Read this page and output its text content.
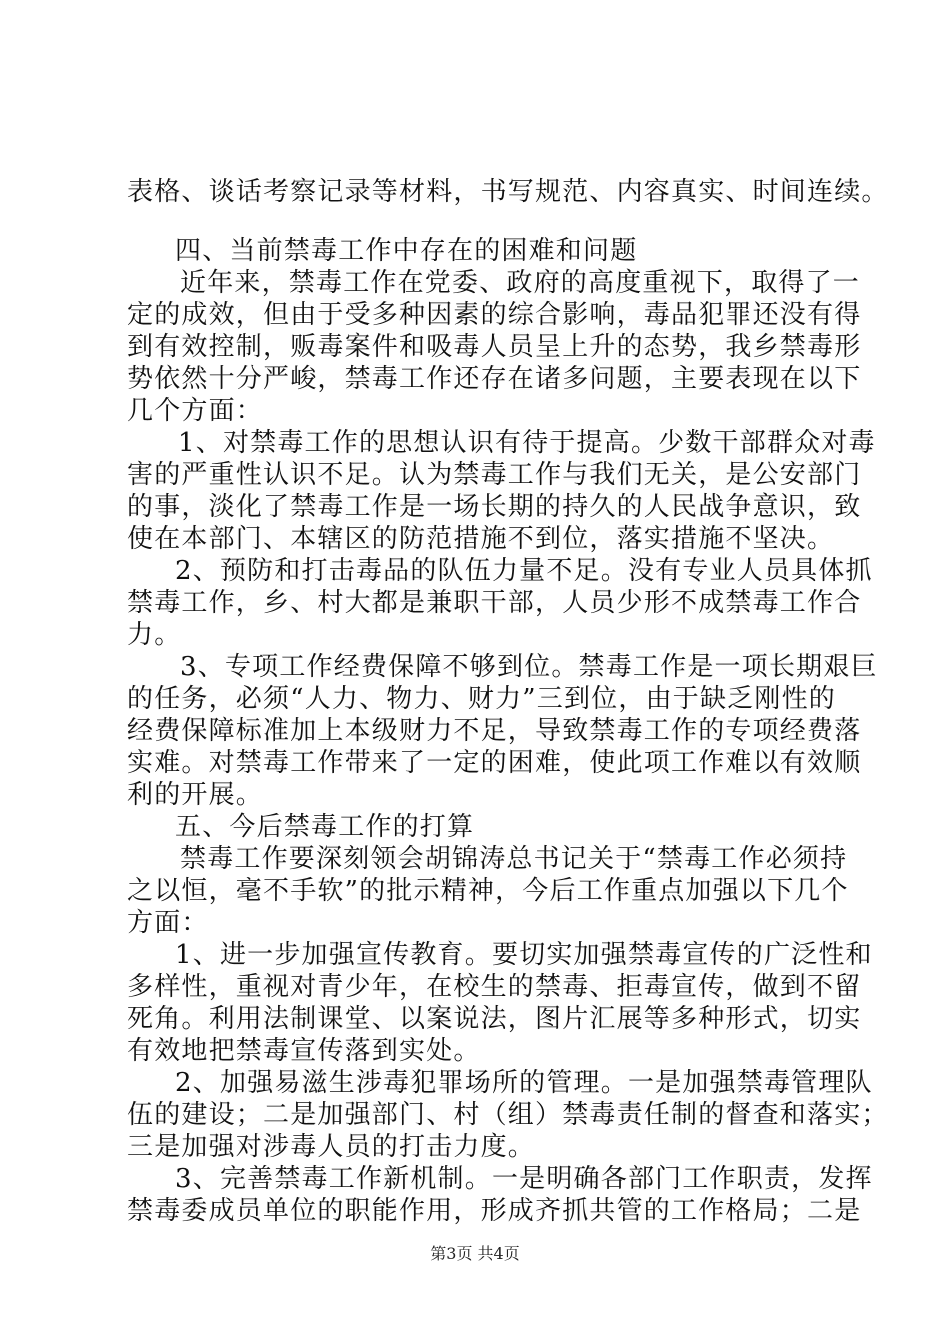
表格、谈话考察记录等材料，书写规范、内容真实、时间连续。
四、当前禁毒工作中存在的困难和问题
近年来，禁毒工作在党委、政府的高度重视下，取得了一
定的成效，但由于受多种因素的综合影响，毒品犯罪还没有得
到有效控制，贩毒案件和吸毒人员呈上升的态势，我乡禁毒形
势依然十分严峻，禁毒工作还存在诸多问题，主要表现在以下
几个方面：
1、对禁毒工作的思想认识有待于提高。少数干部群众对毒
害的严重性认识不足。认为禁毒工作与我们无关，是公安部门
的事，淡化了禁毒工作是一场长期的持久的人民战争意识，致
使在本部门、本辖区的防范措施不到位，落实措施不坚决。
2、预防和打击毒品的队伍力量不足。没有专业人员具体抓
禁毒工作，乡、村大都是兼职干部，人员少形不成禁毒工作合
力。
3、专项工作经费保障不够到位。禁毒工作是一项长期艰巨
的任务，必须“人力、物力、财力”三到位，由于缺乏刚性的
经费保障标准加上本级财力不足，导致禁毒工作的专项经费落
实难。对禁毒工作带来了一定的困难，使此项工作难以有效顺
利的开展。
五、今后禁毒工作的打算
禁毒工作要深刻领会胡锦涛总书记关于“禁毒工作必须持
之以恒，毫不手软”的批示精神，今后工作重点加强以下几个
方面：
1、进一步加强宣传教育。要切实加强禁毒宣传的广泛性和
多样性，重视对青少年，在校生的禁毒、拒毒宣传，做到不留
死角。利用法制课堂、以案说法，图片汇展等多种形式，切实
有效地把禁毒宣传落到实处。
2、加强易滋生涉毒犯罪场所的管理。一是加强禁毒管理队
伍的建设；二是加强部门、村（组）禁毒责任制的督查和落实；
三是加强对涉毒人员的打击力度。
3、完善禁毒工作新机制。一是明确各部门工作职责，发挥
禁毒委成员单位的职能作用，形成齐抓共管的工作格局；二是
第3页 共4页
